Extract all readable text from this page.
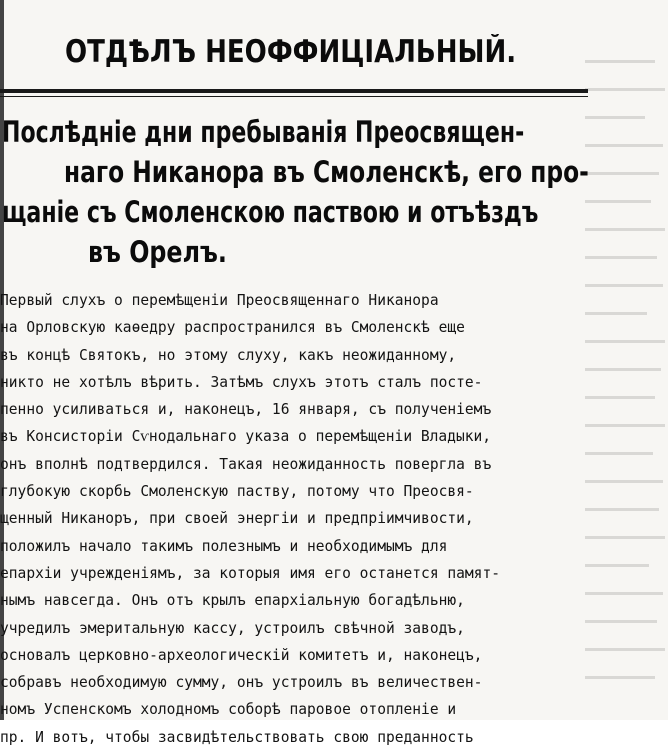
ОТДѢЛЪ НЕОФФИЦІАЛЬНЫЙ.
Послѣдніе дни пребыванія Преосвящен-
наго Никанора въ Смоленскѣ, его про-
щаніе съ Смоленскою паствою и отъѣздъ
въ Орелъ.
Первый слухъ о перемѣщеніи Преосвященнаго Никанора
на Орловскую каѳедру распространился въ Смоленскѣ еще
въ концѣ Святокъ, но этому слуху, какъ неожиданному,
никто не хотѣлъ вѣрить. Затѣмъ слухъ этотъ сталъ посте-
пенно усиливаться и, наконецъ, 16 января, съ полученіемъ
въ Консисторіи Сѵнодальнаго указа о перемѣщеніи Владыки,
онъ вполнѣ подтвердился. Такая неожиданность повергла въ
глубокую скорбь Смоленскую паству, потому что Преосвя-
щенный Никаноръ, при своей энергіи и предпріимчивости,
положилъ начало такимъ полезнымъ и необходимымъ для
епархіи учрежденіямъ, за которыя имя его останется памят-
нымъ навсегда. Онъ отъ крылъ епархіальную богадѣльню,
учредилъ эмеритальную кассу, устроилъ свѣчной заводъ,
основалъ церковно-археологическій комитетъ и, наконецъ,
собравъ необходимую сумму, онъ устроилъ въ величествен-
номъ Успенскомъ холодномъ соборѣ паровое отопленіе и
пр. И вотъ, чтобы засвидѣтельствовать свою преданность
